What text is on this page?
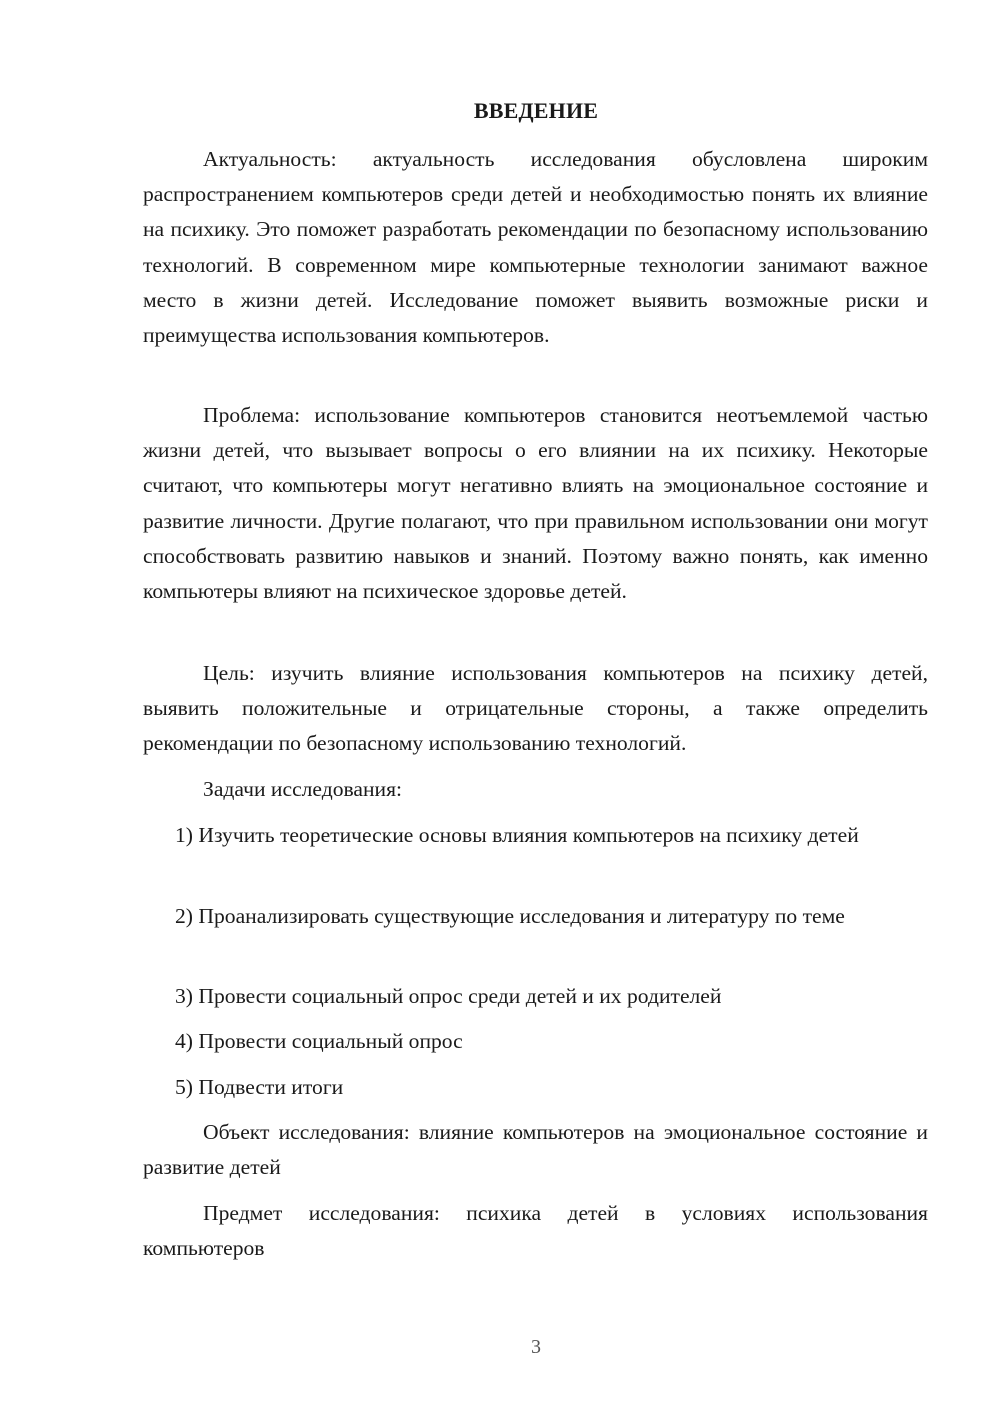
ВВЕДЕНИЕ

Актуальность: актуальность исследования обусловлена широким распространением компьютеров среди детей и необходимостью понять их влияние на психику. Это поможет разработать рекомендации по безопасному использованию технологий. В современном мире компьютерные технологии занимают важное место в жизни детей. Исследование поможет выявить возможные риски и преимущества использования компьютеров.

Проблема: использование компьютеров становится неотъемлемой частью жизни детей, что вызывает вопросы о его влиянии на их психику. Некоторые считают, что компьютеры могут негативно влиять на эмоциональное состояние и развитие личности. Другие полагают, что при правильном использовании они могут способствовать развитию навыков и знаний. Поэтому важно понять, как именно компьютеры влияют на психическое здоровье детей.

Цель: изучить влияние использования компьютеров на психику детей, выявить положительные и отрицательные стороны, а также определить рекомендации по безопасному использованию технологий.

Задачи исследования:

1) Изучить теоретические основы влияния компьютеров на психику детей

2) Проанализировать существующие исследования и литературу по теме

3) Провести социальный опрос среди детей и их родителей

4) Провести социальный опрос

5) Подвести итоги

Объект исследования: влияние компьютеров на эмоциональное состояние и развитие детей

Предмет исследования: психика детей в условиях использования компьютеров

3
